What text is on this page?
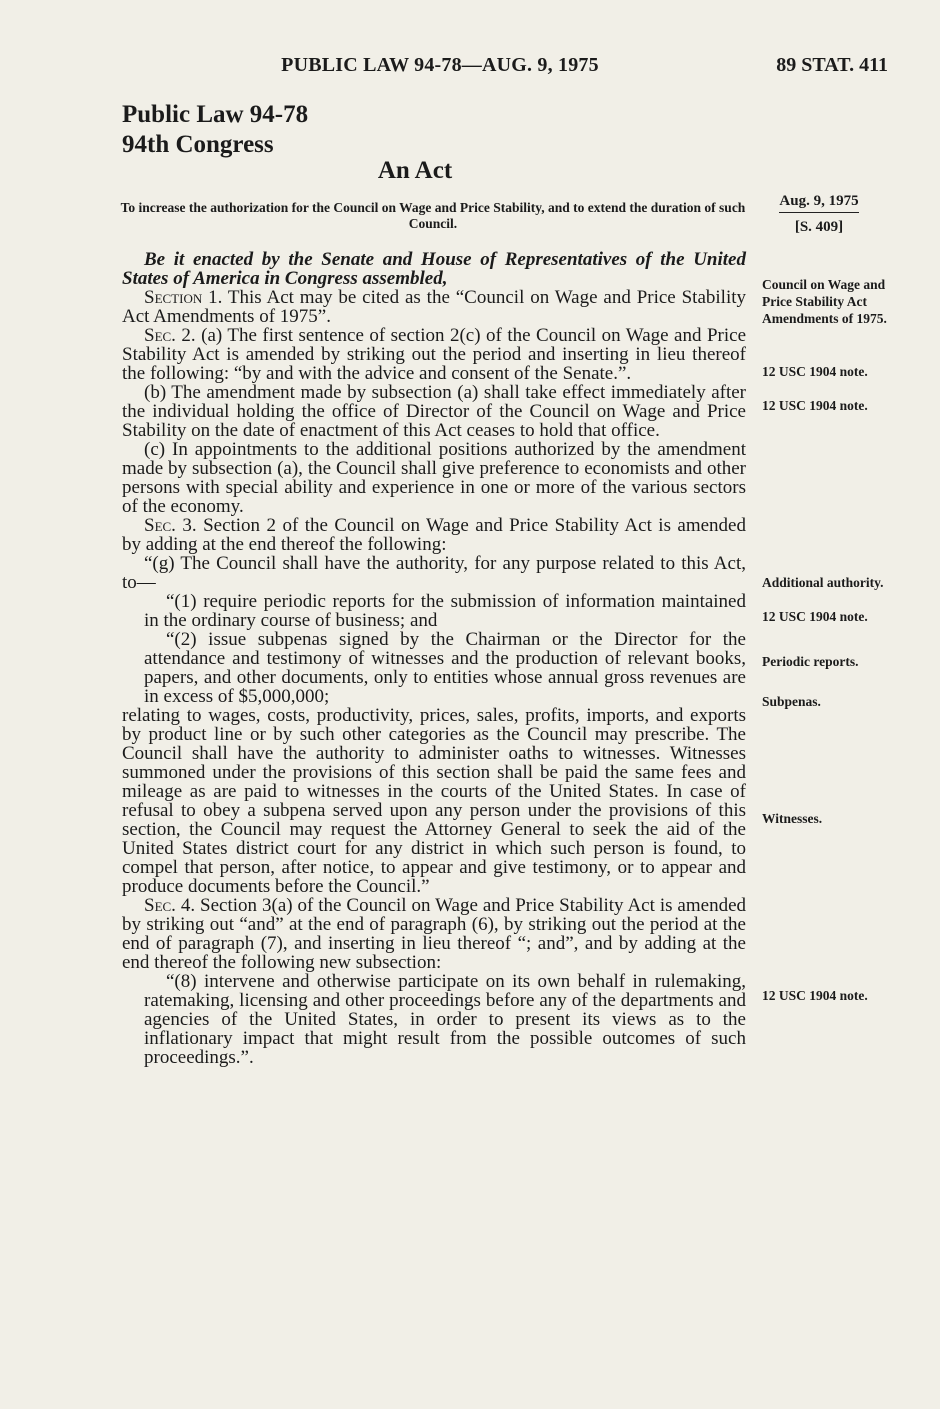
PUBLIC LAW 94-78—AUG. 9, 1975	89 STAT. 411
Public Law 94-78
94th Congress
An Act
To increase the authorization for the Council on Wage and Price Stability, and to extend the duration of such Council.
Aug. 9, 1975
[S. 409]

Be it enacted by the Senate and House of Representatives of the United States of America in Congress assembled,

Section 1. This Act may be cited as the “Council on Wage and Price Stability Act Amendments of 1975”.

Sec. 2. (a) The first sentence of section 2(c) of the Council on Wage and Price Stability Act is amended by striking out the period and inserting in lieu thereof the following: “by and with the advice and consent of the Senate.”.

(b) The amendment made by subsection (a) shall take effect immediately after the individual holding the office of Director of the Council on Wage and Price Stability on the date of enactment of this Act ceases to hold that office.

(c) In appointments to the additional positions authorized by the amendment made by subsection (a), the Council shall give preference to economists and other persons with special ability and experience in one or more of the various sectors of the economy.

Sec. 3. Section 2 of the Council on Wage and Price Stability Act is amended by adding at the end thereof the following:

“(g) The Council shall have the authority, for any purpose related to this Act, to—

“(1) require periodic reports for the submission of information maintained in the ordinary course of business; and

“(2) issue subpenas signed by the Chairman or the Director for the attendance and testimony of witnesses and the production of relevant books, papers, and other documents, only to entities whose annual gross revenues are in excess of $5,000,000;

relating to wages, costs, productivity, prices, sales, profits, imports, and exports by product line or by such other categories as the Council may prescribe. The Council shall have the authority to administer oaths to witnesses. Witnesses summoned under the provisions of this section shall be paid the same fees and mileage as are paid to witnesses in the courts of the United States. In case of refusal to obey a subpena served upon any person under the provisions of this section, the Council may request the Attorney General to seek the aid of the United States district court for any district in which such person is found, to compel that person, after notice, to appear and give testimony, or to appear and produce documents before the Council.”

Sec. 4. Section 3(a) of the Council on Wage and Price Stability Act is amended by striking out “and” at the end of paragraph (6), by striking out the period at the end of paragraph (7), and inserting in lieu thereof “; and”, and by adding at the end thereof the following new subsection:

“(8) intervene and otherwise participate on its own behalf in rulemaking, ratemaking, licensing and other proceedings before any of the departments and agencies of the United States, in order to present its views as to the inflationary impact that might result from the possible outcomes of such proceedings.”.

Council on Wage and Price Stability Act Amendments of 1975.
12 USC 1904 note.
12 USC 1904 note.
Additional authority.
12 USC 1904 note.
Periodic reports.
Subpenas.
Witnesses.
12 USC 1904 note.
